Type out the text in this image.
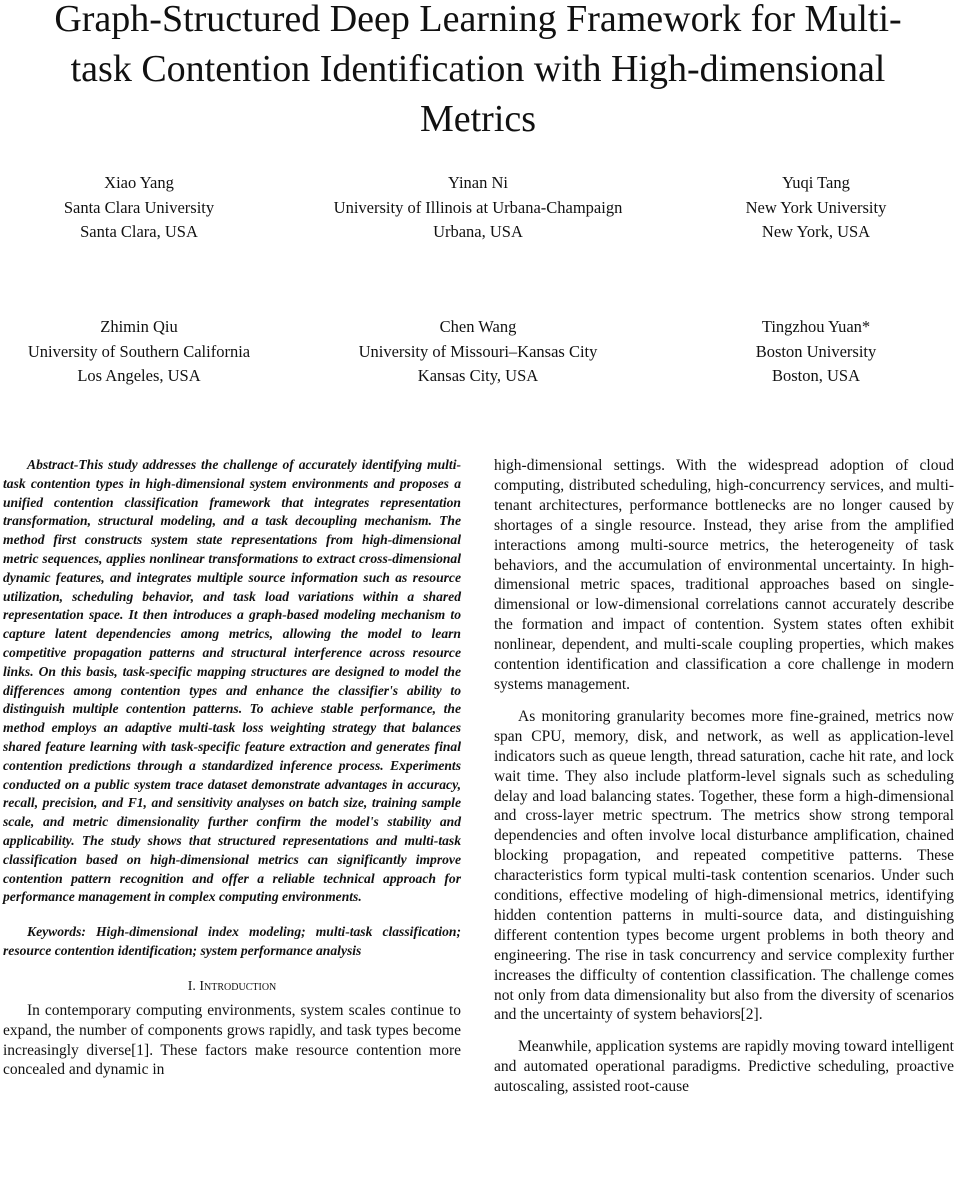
Graph-Structured Deep Learning Framework for Multi-task Contention Identification with High-dimensional Metrics
Xiao Yang
Santa Clara University
Santa Clara, USA
Yinan Ni
University of Illinois at Urbana-Champaign
Urbana, USA
Yuqi Tang
New York University
New York, USA
Zhimin Qiu
University of Southern California
Los Angeles, USA
Chen Wang
University of Missouri–Kansas City
Kansas City, USA
Tingzhou Yuan*
Boston University
Boston, USA

Abstract-This study addresses the challenge of accurately identifying multi-task contention types in high-dimensional system environments and proposes a unified contention classification framework that integrates representation transformation, structural modeling, and a task decoupling mechanism. The method first constructs system state representations from high-dimensional metric sequences, applies nonlinear transformations to extract cross-dimensional dynamic features, and integrates multiple source information such as resource utilization, scheduling behavior, and task load variations within a shared representation space. It then introduces a graph-based modeling mechanism to capture latent dependencies among metrics, allowing the model to learn competitive propagation patterns and structural interference across resource links. On this basis, task-specific mapping structures are designed to model the differences among contention types and enhance the classifier's ability to distinguish multiple contention patterns. To achieve stable performance, the method employs an adaptive multi-task loss weighting strategy that balances shared feature learning with task-specific feature extraction and generates final contention predictions through a standardized inference process. Experiments conducted on a public system trace dataset demonstrate advantages in accuracy, recall, precision, and F1, and sensitivity analyses on batch size, training sample scale, and metric dimensionality further confirm the model's stability and applicability. The study shows that structured representations and multi-task classification based on high-dimensional metrics can significantly improve contention pattern recognition and offer a reliable technical approach for performance management in complex computing environments.

Keywords: High-dimensional index modeling; multi-task classification; resource contention identification; system performance analysis

I. Introduction

In contemporary computing environments, system scales continue to expand, the number of components grows rapidly, and task types become increasingly diverse[1]. These factors make resource contention more concealed and dynamic in

high-dimensional settings. With the widespread adoption of cloud computing, distributed scheduling, high-concurrency services, and multi-tenant architectures, performance bottlenecks are no longer caused by shortages of a single resource. Instead, they arise from the amplified interactions among multi-source metrics, the heterogeneity of task behaviors, and the accumulation of environmental uncertainty. In high-dimensional metric spaces, traditional approaches based on single-dimensional or low-dimensional correlations cannot accurately describe the formation and impact of contention. System states often exhibit nonlinear, dependent, and multi-scale coupling properties, which makes contention identification and classification a core challenge in modern systems management.

As monitoring granularity becomes more fine-grained, metrics now span CPU, memory, disk, and network, as well as application-level indicators such as queue length, thread saturation, cache hit rate, and lock wait time. They also include platform-level signals such as scheduling delay and load balancing states. Together, these form a high-dimensional and cross-layer metric spectrum. The metrics show strong temporal dependencies and often involve local disturbance amplification, chained blocking propagation, and repeated competitive patterns. These characteristics form typical multi-task contention scenarios. Under such conditions, effective modeling of high-dimensional metrics, identifying hidden contention patterns in multi-source data, and distinguishing different contention types become urgent problems in both theory and engineering. The rise in task concurrency and service complexity further increases the difficulty of contention classification. The challenge comes not only from data dimensionality but also from the diversity of scenarios and the uncertainty of system behaviors[2].

Meanwhile, application systems are rapidly moving toward intelligent and automated operational paradigms. Predictive scheduling, proactive autoscaling, assisted root-cause
